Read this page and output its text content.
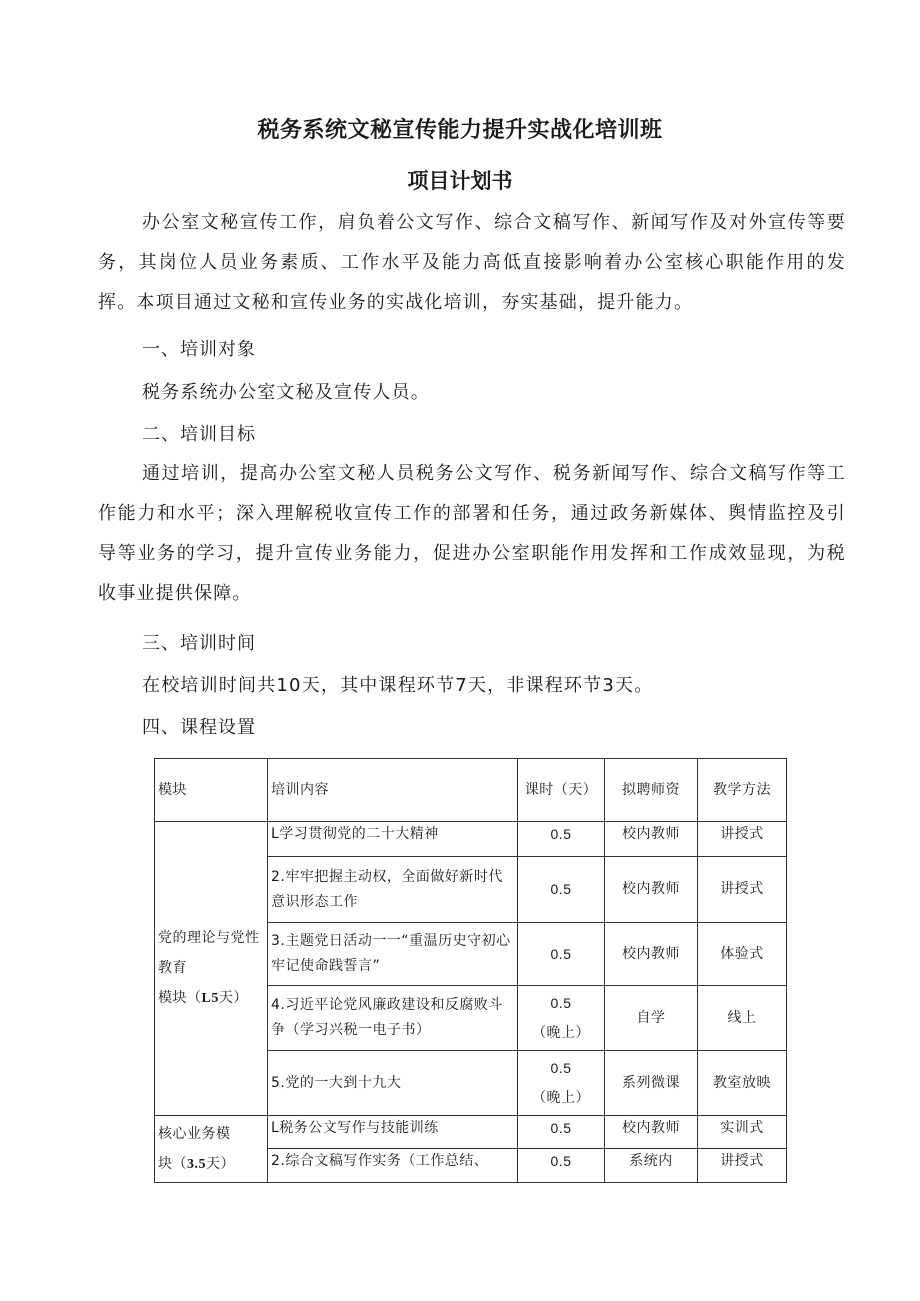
税务系统文秘宣传能力提升实战化培训班
项目计划书

办公室文秘宣传工作，肩负着公文写作、综合文稿写作、新闻写作及对外宣传等要务，其岗位人员业务素质、工作水平及能力高低直接影响着办公室核心职能作用的发挥。本项目通过文秘和宣传业务的实战化培训，夯实基础，提升能力。

一、培训对象

税务系统办公室文秘及宣传人员。

二、培训目标

通过培训，提高办公室文秘人员税务公文写作、税务新闻写作、综合文稿写作等工作能力和水平；深入理解税收宣传工作的部署和任务，通过政务新媒体、舆情监控及引导等业务的学习，提升宣传业务能力，促进办公室职能作用发挥和工作成效显现，为税收事业提供保障。

三、培训时间

在校培训时间共10天，其中课程环节7天，非课程环节3天。

四、课程设置

模块	培训内容	课时（天）	拟聘师资	教学方法

党的理论与党性
教育
模块（L5天）	L学习贯彻党的二十大精神	0.5	校内教师	讲授式
	2.牢牢把握主动权，全面做好新时代意识形态工作	0.5	校内教师	讲授式
	3.主题党日活动一一“重温历史守初心牢记使命践誓言”	0.5	校内教师	体验式
	4.习近平论党风廉政建设和反腐败斗争（学习兴税一电子书）	0.5
（晚上）	自学	线上
	5.党的一大到十九大	0.5
（晚上）	系列微课	教室放映

核心业务模
块（3.5天）	L税务公文写作与技能训练	0.5	校内教师	实训式
	2.综合文稿写作实务（工作总结、	0.5	系统内	讲授式
